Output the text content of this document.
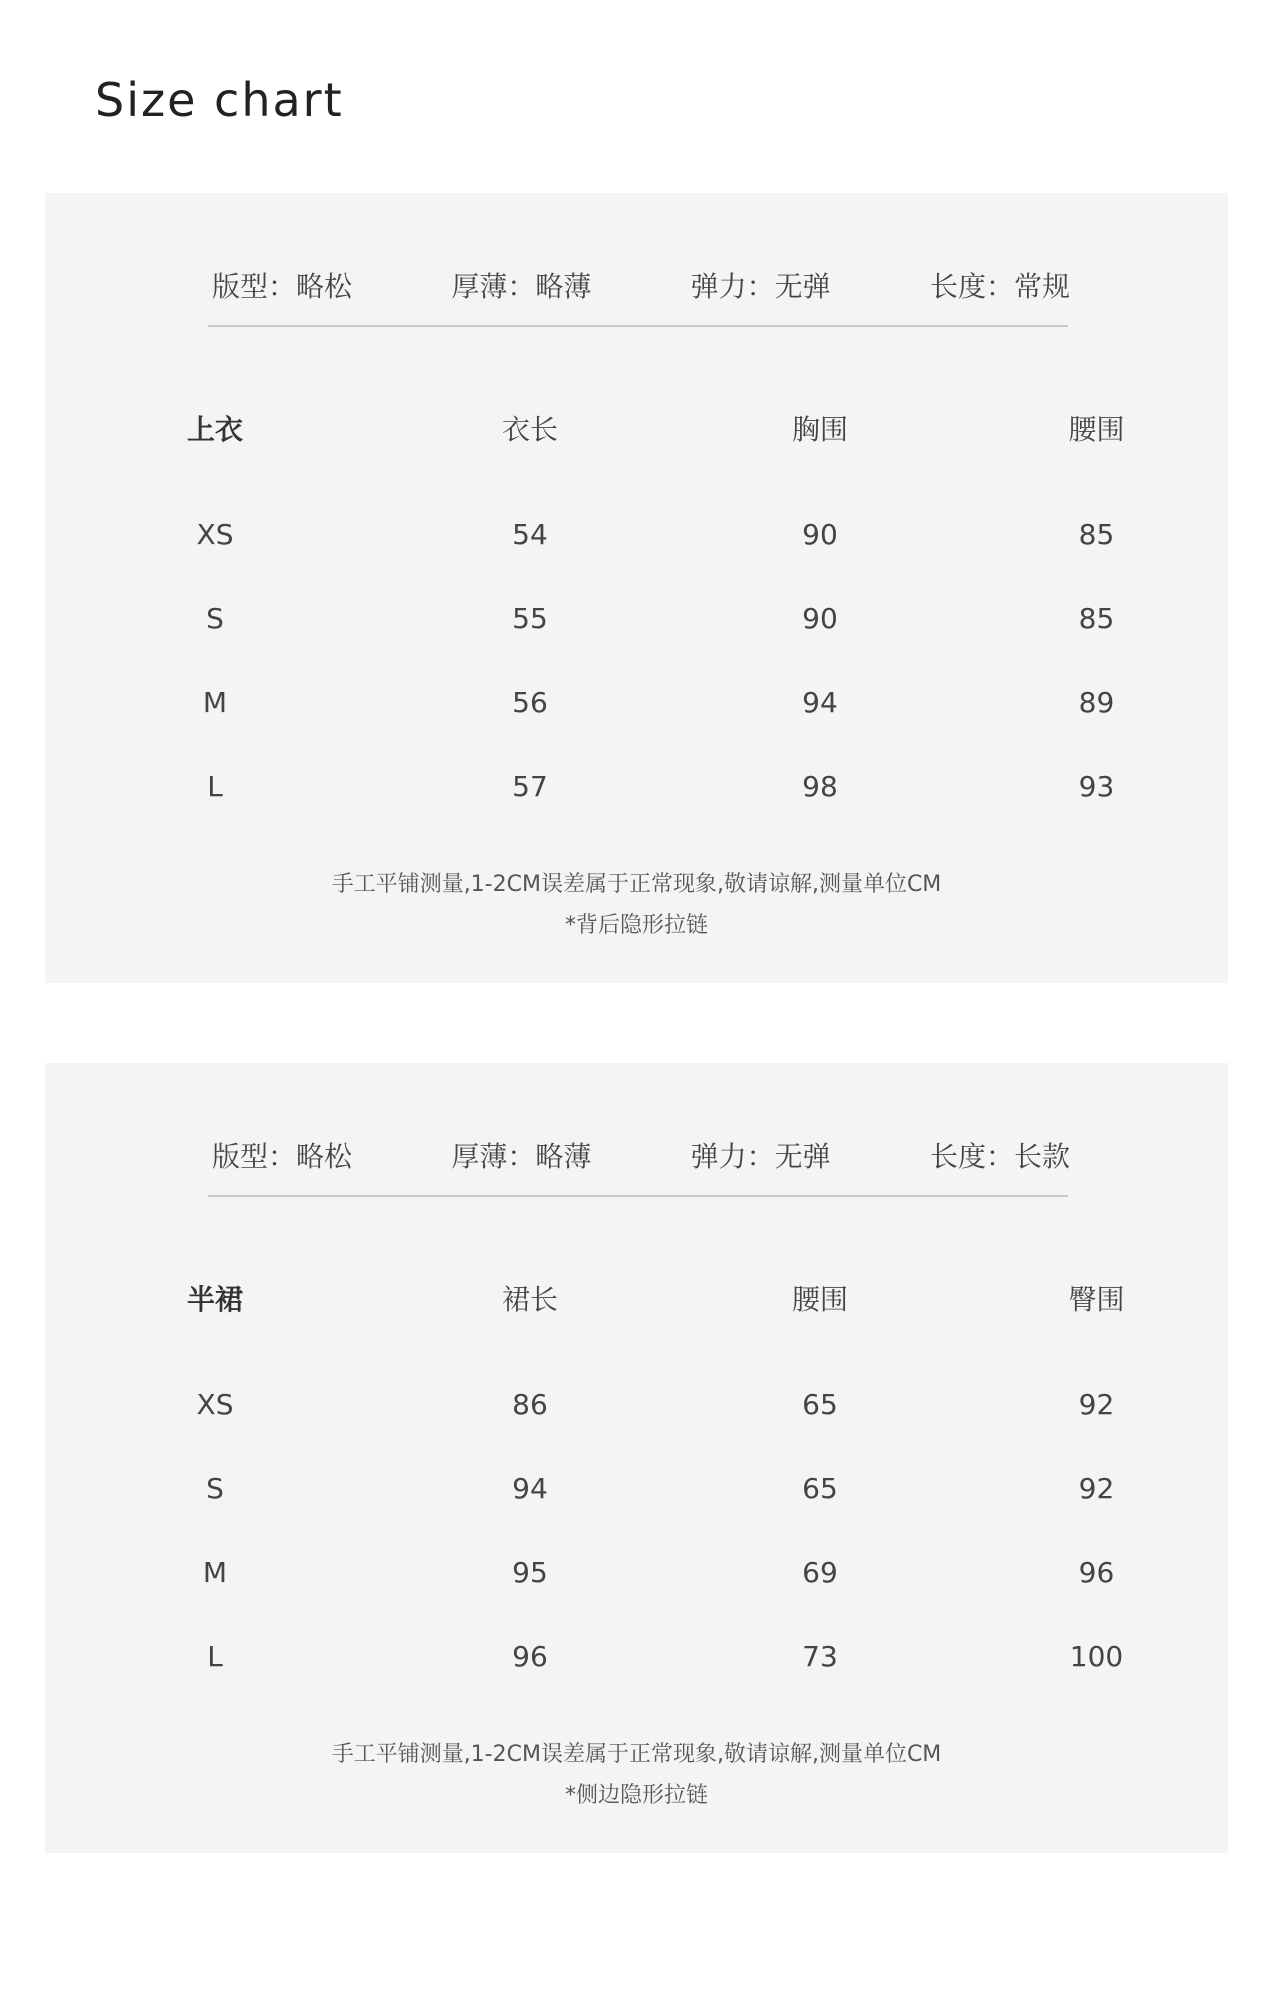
Size chart
版型： 略松	厚薄： 略薄	弹力： 无弹	长度： 常规
上衣	衣长	胸围	腰围
XS	54	90	85
S	55	90	85
M	56	94	89
L	57	98	93
手工平铺测量,1-2CM误差属于正常现象,敬请谅解,测量单位CM
*背后隐形拉链
版型： 略松	厚薄： 略薄	弹力： 无弹	长度： 长款
半裙	裙长	腰围	臀围
XS	86	65	92
S	94	65	92
M	95	69	96
L	96	73	100
手工平铺测量,1-2CM误差属于正常现象,敬请谅解,测量单位CM
*侧边隐形拉链
